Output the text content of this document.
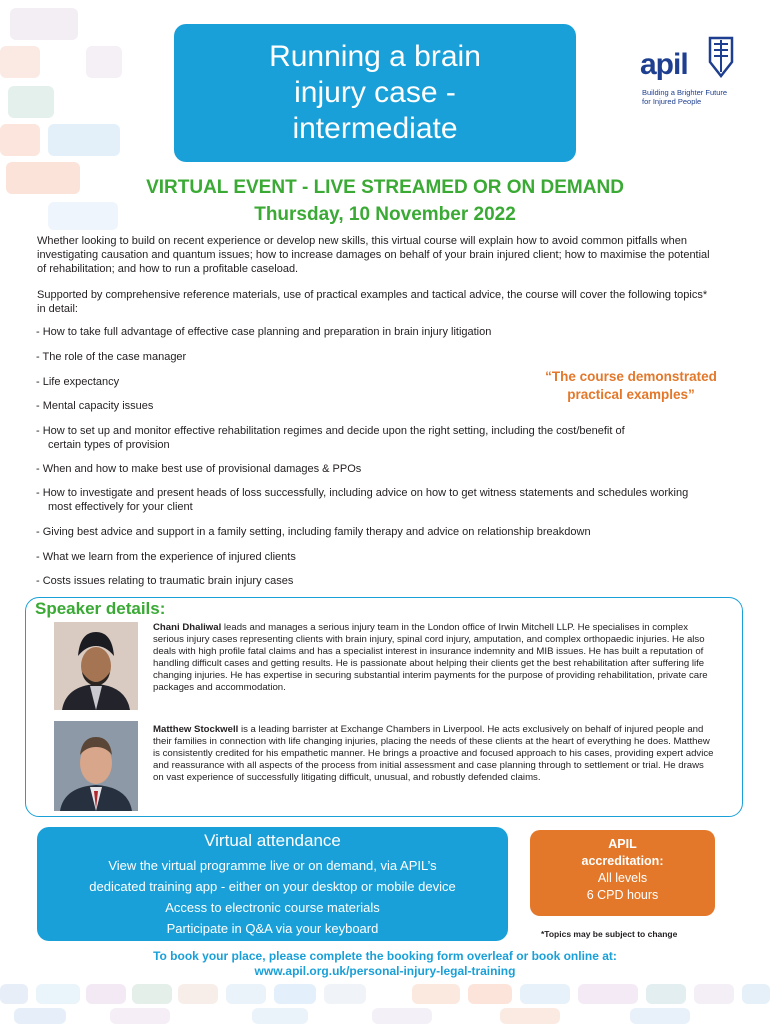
Running a brain
injury case -
intermediate
apil
Building a Brighter Future
for Injured People
VIRTUAL EVENT - LIVE STREAMED OR ON DEMAND
Thursday, 10 November 2022

Whether looking to build on recent experience or develop new skills, this virtual course will explain how to avoid common pitfalls when investigating causation and quantum issues; how to increase damages on behalf of your brain injured client; how to maximise the potential of rehabilitation; and how to run a profitable caseload.

Supported by comprehensive reference materials, use of practical examples and tactical advice, the course will cover the following topics* in detail:

- How to take full advantage of effective case planning and preparation in brain injury litigation
- The role of the case manager
- Life expectancy
- Mental capacity issues
- How to set up and monitor effective rehabilitation regimes and decide upon the right setting, including the cost/benefit of certain types of provision
- When and how to make best use of provisional damages & PPOs
- How to investigate and present heads of loss successfully, including advice on how to get witness statements and schedules working most effectively for your client
- Giving best advice and support in a family setting, including family therapy and advice on relationship breakdown
- What we learn from the experience of injured clients
- Costs issues relating to traumatic brain injury cases
“The course demonstrated practical examples”
Speaker details:
Chani Dhaliwal leads and manages a serious injury team in the London office of Irwin Mitchell LLP. He specialises in complex serious injury cases representing clients with brain injury, spinal cord injury, amputation, and complex orthopaedic injuries. He also deals with high profile fatal claims and has a specialist interest in insurance indemnity and MIB issues. He has built a reputation of handling difficult cases and getting results. He is passionate about helping their clients get the best rehabilitation after suffering life changing injuries. He has expertise in securing substantial interim payments for the purpose of providing rehabilitation, private care packages and accommodation.
Matthew Stockwell is a leading barrister at Exchange Chambers in Liverpool. He acts exclusively on behalf of injured people and their families in connection with life changing injuries, placing the needs of these clients at the heart of everything he does. Matthew is consistently credited for his empathetic manner. He brings a proactive and focused approach to his cases, providing expert advice and reassurance with all aspects of the process from initial assessment and case planning through to settlement or trial. He draws on vast experience of successfully litigating difficult, unusual, and robustly defended claims.
Virtual attendance
View the virtual programme live or on demand, via APIL’s
dedicated training app - either on your desktop or mobile device
Access to electronic course materials
Participate in Q&A via your keyboard
APIL
accreditation:
All levels
6 CPD hours
*Topics may be subject to change
To book your place, please complete the booking form overleaf or book online at:
www.apil.org.uk/personal-injury-legal-training
